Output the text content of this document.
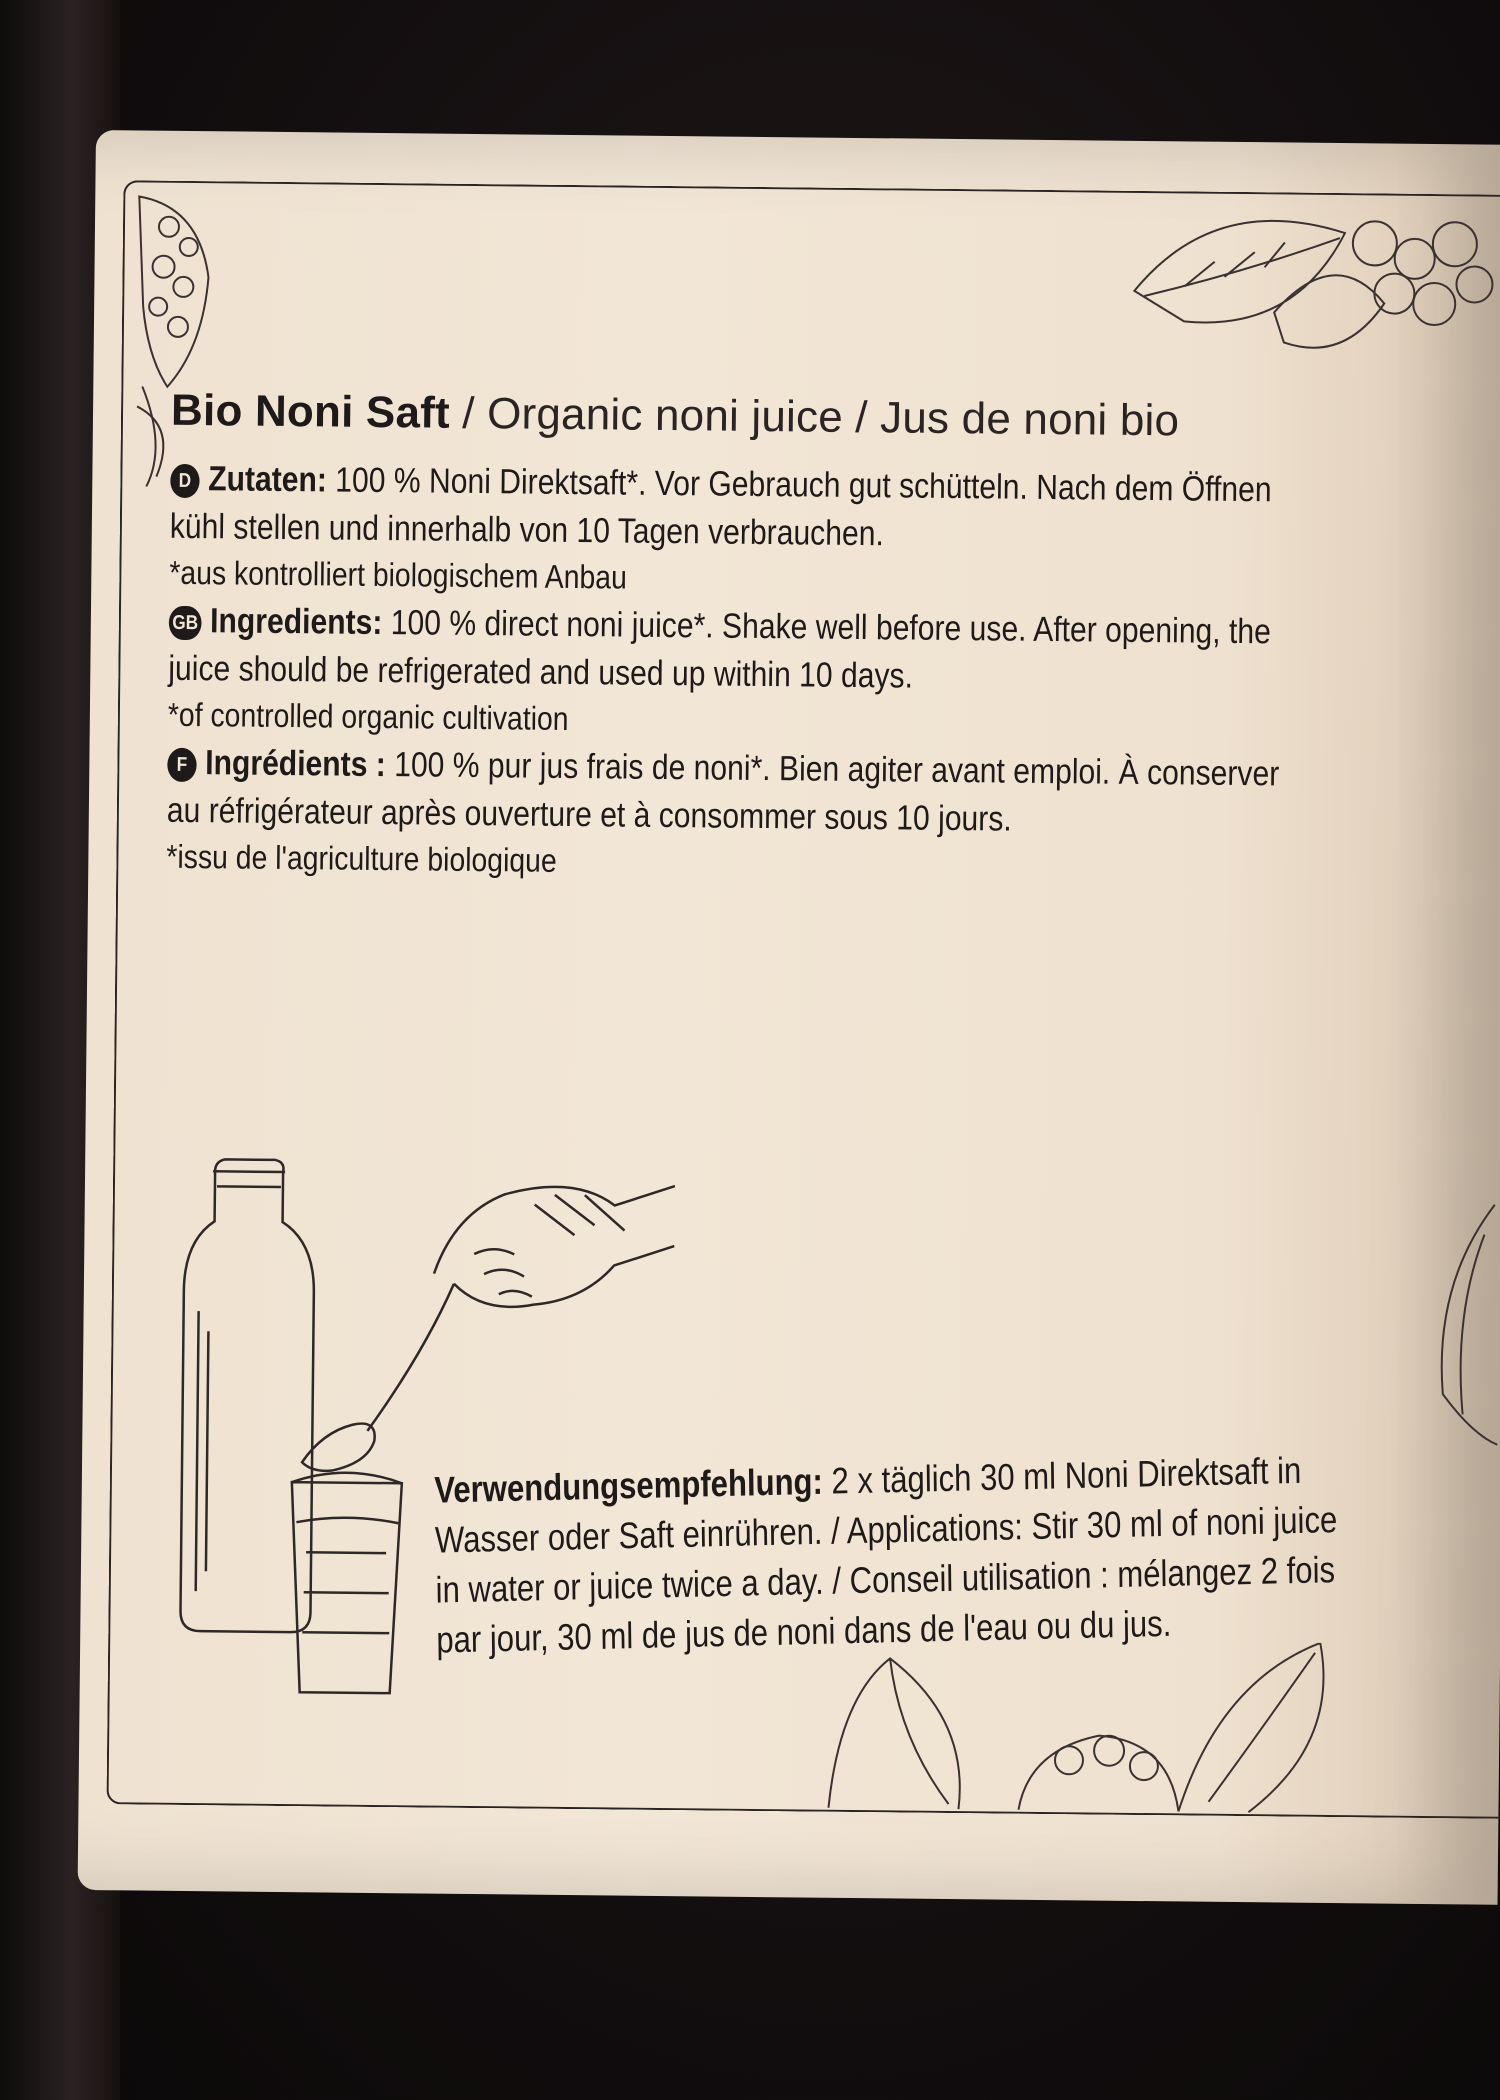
Bio Noni Saft / Organic noni juice / Jus de noni bio

D Zutaten: 100 % Noni Direktsaft*. Vor Gebrauch gut schütteln. Nach dem Öffnen kühl stellen und innerhalb von 10 Tagen verbrauchen.

*aus kontrolliert biologischem Anbau

GB Ingredients: 100 % direct noni juice*. Shake well before use. After opening, the juice should be refrigerated and used up within 10 days.

*of controlled organic cultivation

F Ingrédients : 100 % pur jus frais de noni*. Bien agiter avant emploi. À conserver au réfrigérateur après ouverture et à consommer sous 10 jours.

*issu de l'agriculture biologique

Verwendungsempfehlung: 2 x täglich 30 ml Noni Direktsaft in Wasser oder Saft einrühren. / Applications: Stir 30 ml of noni juice in water or juice twice a day. / Conseil utilisation : mélangez 2 fois par jour, 30 ml de jus de noni dans de l'eau ou du jus.
